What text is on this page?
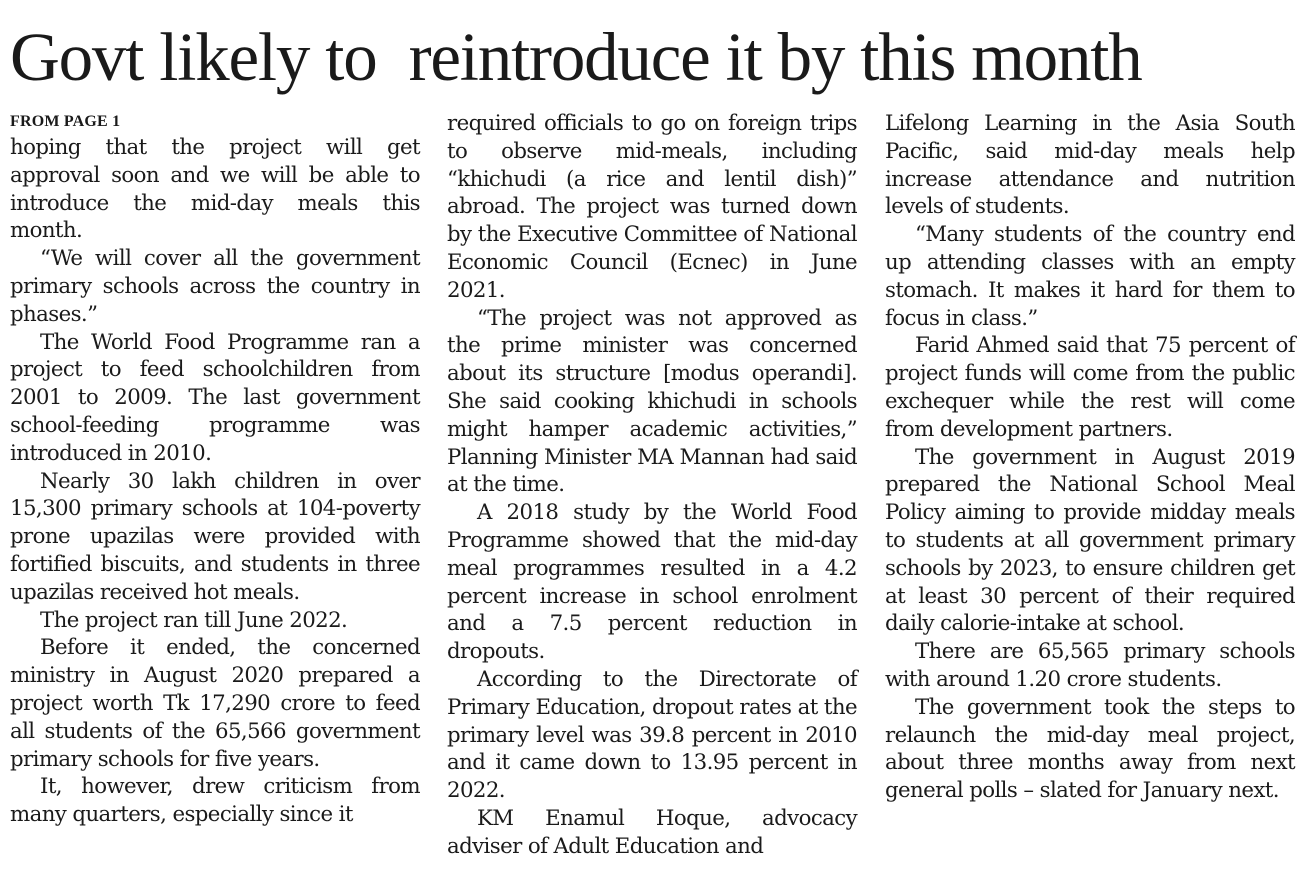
Govt likely to  reintroduce it by this month

FROM PAGE 1

hoping that the project will get approval soon and we will be able to introduce the mid-day meals this month.

“We will cover all the government primary schools across the country in phases.”

The World Food Programme ran a project to feed schoolchildren from 2001 to 2009. The last government school-feeding programme was introduced in 2010.

Nearly 30 lakh children in over 15,300 primary schools at 104-poverty prone upazilas were provided with fortified biscuits, and students in three upazilas received hot meals.

The project ran till June 2022.

Before it ended, the concerned ministry in August 2020 prepared a project worth Tk 17,290 crore to feed all students of the 65,566 government primary schools for five years.

It, however, drew criticism from many quarters, especially since it

required officials to go on foreign trips to observe mid-meals, including “khichudi (a rice and lentil dish)” abroad. The project was turned down by the Executive Committee of National Economic Council (Ecnec) in June 2021.

“The project was not approved as the prime minister was concerned about its structure [modus operandi]. She said cooking khichudi in schools might hamper academic activities,” Planning Minister MA Mannan had said at the time.

A 2018 study by the World Food Programme showed that the mid-day meal programmes resulted in a 4.2 percent increase in school enrolment and a 7.5 percent reduction in dropouts.

According to the Directorate of Primary Education, dropout rates at the primary level was 39.8 percent in 2010 and it came down to 13.95 percent in 2022.

KM Enamul Hoque, advocacy adviser of Adult Education and

Lifelong Learning in the Asia South Pacific, said mid-day meals help increase attendance and nutrition levels of students.

“Many students of the country end up attending classes with an empty stomach. It makes it hard for them to focus in class.”

Farid Ahmed said that 75 percent of project funds will come from the public exchequer while the rest will come from development partners.

The government in August 2019 prepared the National School Meal Policy aiming to provide midday meals to students at all government primary schools by 2023, to ensure children get at least 30 percent of their required daily calorie-intake at school.

There are 65,565 primary schools with around 1.20 crore students.

The government took the steps to relaunch the mid-day meal project, about three months away from next general polls – slated for January next.
